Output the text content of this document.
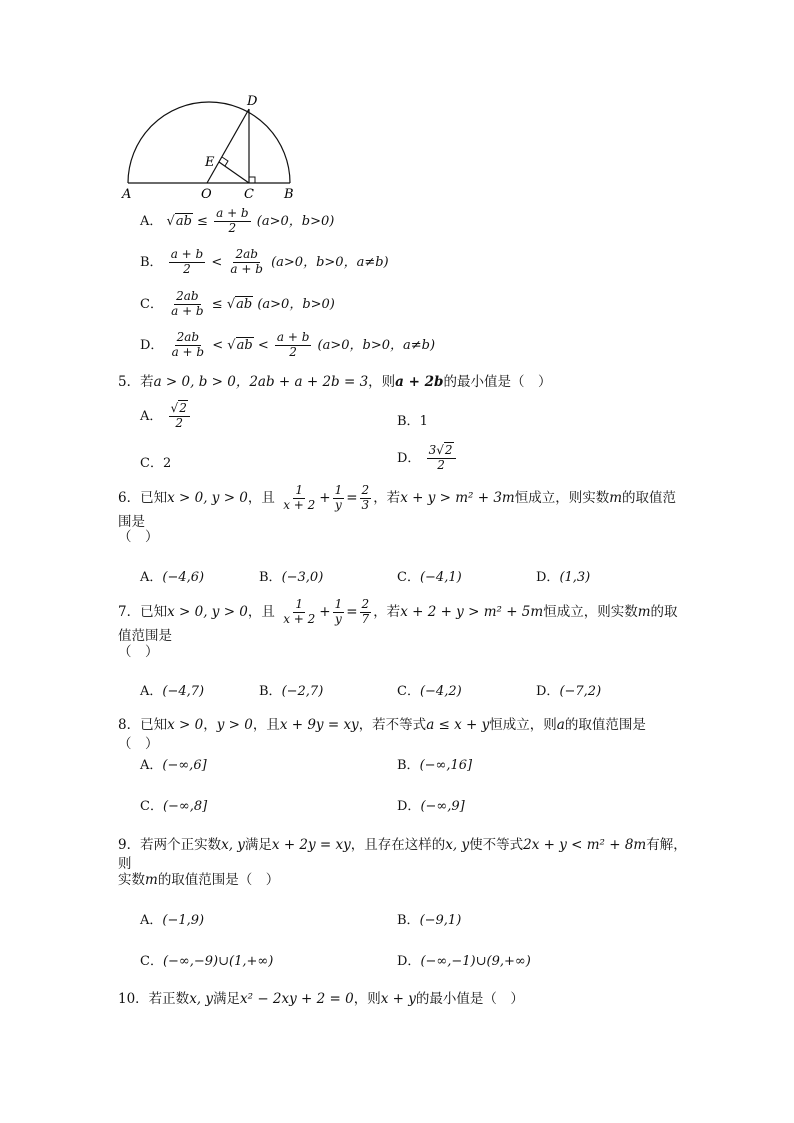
A	O C B
D
E
A． $√ab \le \frac{a + b}{2} (a>0$，b>0)
B． $\frac{a + b}{2} < \frac{2ab}{a + b} (a>0$，b>0，a≠b)
C． $\frac{2ab}{a + b} \le √ab$ (a>0，b>0)
D． $\frac{2ab}{a + b} < √ab < \frac{a + b}{2} (a>0$，b>0，a≠b)
5．若a > 0, b > 0，2ab + a + 2b = 3，则a + 2b的最小值是（　）
A． $\frac{√2}{2}$	B．1
C．2	D． $\frac{3√2}{2}$
6．已知x > 0, y > 0，且 $\frac{1}{x + 2} + \frac{1}{y} = \frac{2}{3}$ ，若x + y > m² + 3m恒成立，则实数m的取值范围是
（　）
A．(−4,6)	B．(−3,0)	C．(−4,1)	D．(1,3)
7．已知x > 0, y > 0，且 $\frac{1}{x + 2} + \frac{1}{y} = \frac{2}{7}$ ，若x + 2 + y > m² + 5m恒成立，则实数m的取值范围是
（　）
A．(−4,7)	B．(−2,7)	C．(−4,2)	D．(−7,2)
8．已知x > 0，y > 0，且x + 9y = xy，若不等式a ≤ x + y恒成立，则a的取值范围是（　）
A．(−∞,6]	B．(−∞,16]
C．(−∞,8]	D．(−∞,9]
9．若两个正实数x, y满足x + 2y = xy，且存在这样的x, y使不等式2x + y < m² + 8m有解，则
实数m的取值范围是（　）
A．(−1,9)	B．(−9,1)
C．(−∞,−9)∪(1,+∞)	D．(−∞,−1)∪(9,+∞)
10．若正数x, y满足x² − 2xy + 2 = 0，则x + y的最小值是（　）
